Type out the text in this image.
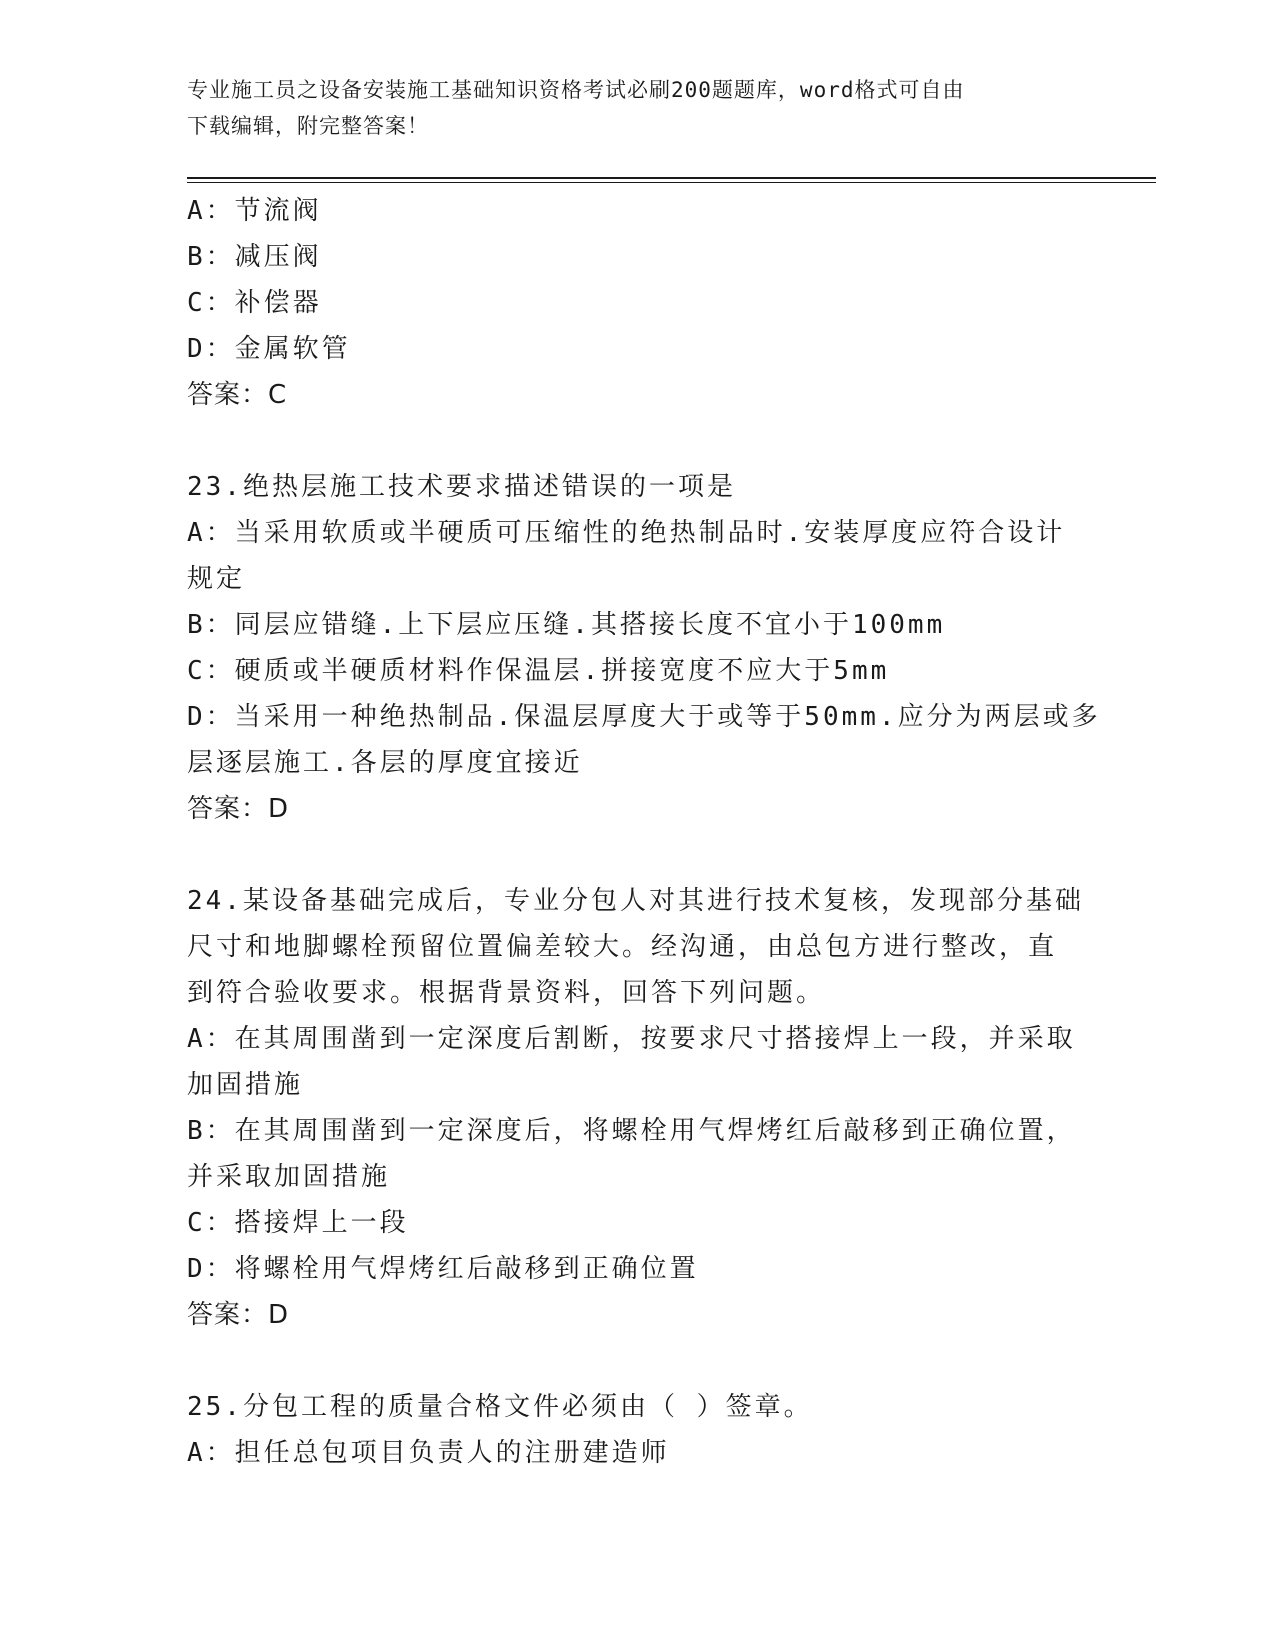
专业施工员之设备安装施工基础知识资格考试必刷200题题库，word格式可自由
下载编辑，附完整答案！
A：节流阀
B：减压阀
C：补偿器
D：金属软管
答案：C
23.绝热层施工技术要求描述错误的一项是
A：当采用软质或半硬质可压缩性的绝热制品时.安装厚度应符合设计
规定
B：同层应错缝.上下层应压缝.其搭接长度不宜小于100mm
C：硬质或半硬质材料作保温层.拼接宽度不应大于5mm
D：当采用一种绝热制品.保温层厚度大于或等于50mm.应分为两层或多
层逐层施工.各层的厚度宜接近
答案：D
24.某设备基础完成后，专业分包人对其进行技术复核，发现部分基础
尺寸和地脚螺栓预留位置偏差较大。经沟通，由总包方进行整改，直
到符合验收要求。根据背景资料，回答下列问题。
A：在其周围凿到一定深度后割断，按要求尺寸搭接焊上一段，并采取
加固措施
B：在其周围凿到一定深度后，将螺栓用气焊烤红后敲移到正确位置，
并采取加固措施
C：搭接焊上一段
D：将螺栓用气焊烤红后敲移到正确位置
答案：D
25.分包工程的质量合格文件必须由（ ）签章。
A：担任总包项目负责人的注册建造师
